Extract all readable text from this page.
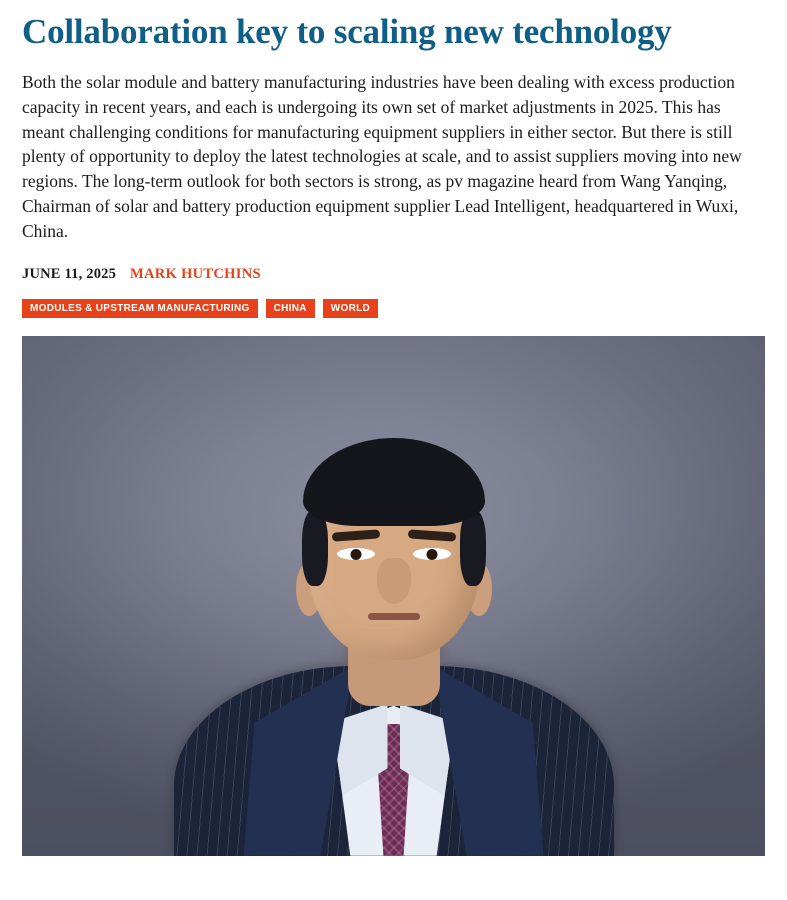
Collaboration key to scaling new technology

Both the solar module and battery manufacturing industries have been dealing with excess production capacity in recent years, and each is undergoing its own set of market adjustments in 2025. This has meant challenging conditions for manufacturing equipment suppliers in either sector. But there is still plenty of opportunity to deploy the latest technologies at scale, and to assist suppliers moving into new regions. The long-term outlook for both sectors is strong, as pv magazine heard from Wang Yanqing, Chairman of solar and battery production equipment supplier Lead Intelligent, headquartered in Wuxi, China.

JUNE 11, 2025 MARK HUTCHINS
MODULES & UPSTREAM MANUFACTURING	CHINA	WORLD
